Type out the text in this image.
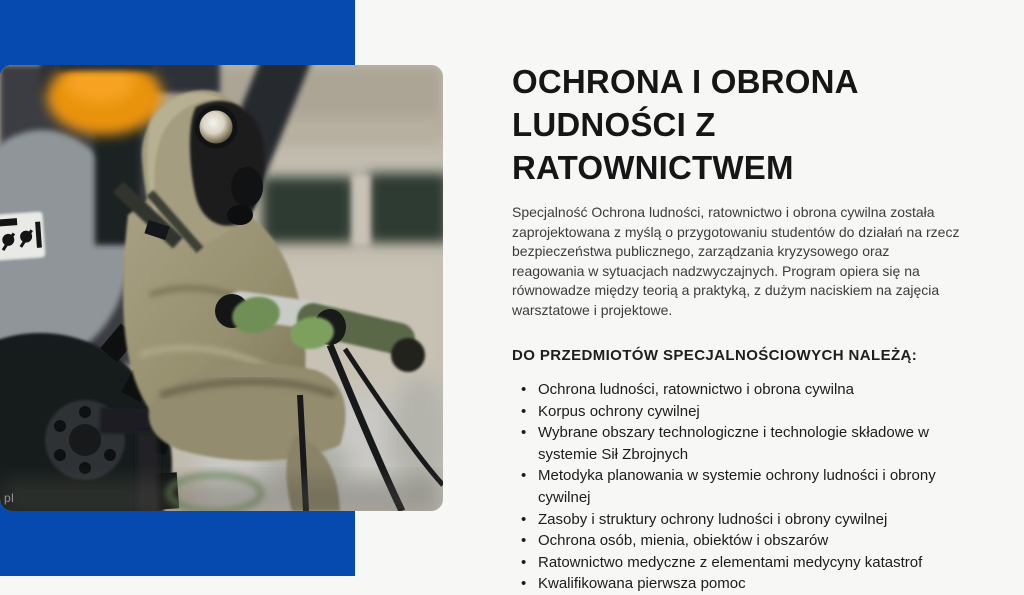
pl
OCHRONA I OBRONA
LUDNOŚCI Z
RATOWNICTWEM

Specjalność Ochrona ludności, ratownictwo i obrona cywilna została zaprojektowana z myślą o przygotowaniu studentów do działań na rzecz bezpieczeństwa publicznego, zarządzania kryzysowego oraz reagowania w sytuacjach nadzwyczajnych. Program opiera się na równowadze między teorią a praktyką, z dużym naciskiem na zajęcia warsztatowe i projektowe.

DO PRZEDMIOTÓW SPECJALNOŚCIOWYCH NALEŻĄ:
• Ochrona ludności, ratownictwo i obrona cywilna
• Korpus ochrony cywilnej
• Wybrane obszary technologiczne i technologie składowe w systemie Sił Zbrojnych
• Metodyka planowania w systemie ochrony ludności i obrony cywilnej
• Zasoby i struktury ochrony ludności i obrony cywilnej
• Ochrona osób, mienia, obiektów i obszarów
• Ratownictwo medyczne z elementami medycyny katastrof
• Kwalifikowana pierwsza pomoc
